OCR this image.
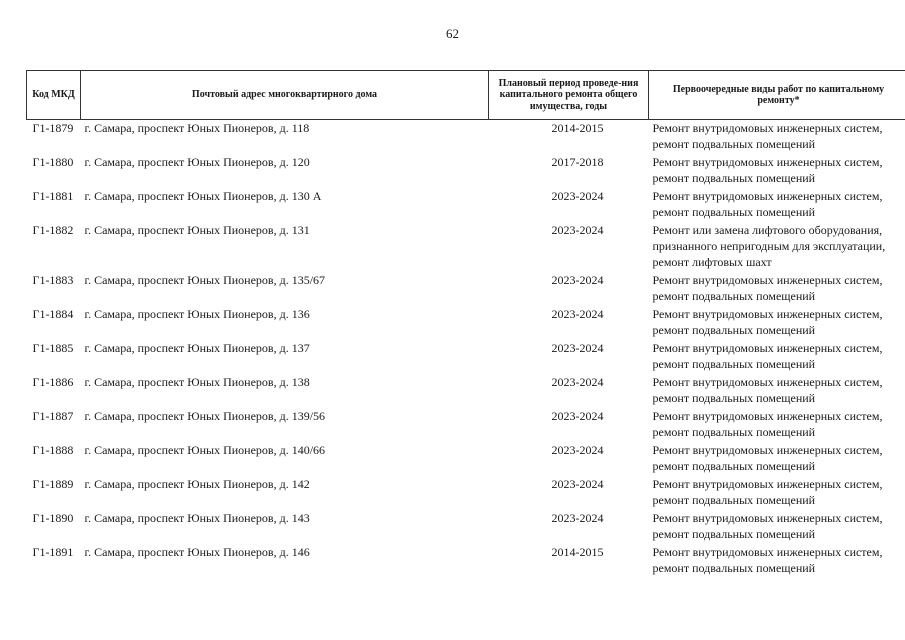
62
Код МКД	Почтовый адрес многоквартирного дома	Плановый период проведе-ния капитального ремонта общего имущества, годы	Первоочередные виды работ по капитальному ремонту*
Г1-1879	г. Самара, проспект Юных Пионеров, д. 118	2014-2015	Ремонт внутридомовых инженерных систем,
ремонт подвальных помещений

Г1-1880	г. Самара, проспект Юных Пионеров, д. 120	2017-2018	Ремонт внутридомовых инженерных систем,
ремонт подвальных помещений

Г1-1881	г. Самара, проспект Юных Пионеров, д. 130 А	2023-2024	Ремонт внутридомовых инженерных систем,
ремонт подвальных помещений

Г1-1882	г. Самара, проспект Юных Пионеров, д. 131	2023-2024	Ремонт или замена лифтового оборудования,
признанного непригодным для эксплуатации,
ремонт лифтовых шахт

Г1-1883	г. Самара, проспект Юных Пионеров, д. 135/67	2023-2024	Ремонт внутридомовых инженерных систем,
ремонт подвальных помещений

Г1-1884	г. Самара, проспект Юных Пионеров, д. 136	2023-2024	Ремонт внутридомовых инженерных систем,
ремонт подвальных помещений

Г1-1885	г. Самара, проспект Юных Пионеров, д. 137	2023-2024	Ремонт внутридомовых инженерных систем,
ремонт подвальных помещений

Г1-1886	г. Самара, проспект Юных Пионеров, д. 138	2023-2024	Ремонт внутридомовых инженерных систем,
ремонт подвальных помещений

Г1-1887	г. Самара, проспект Юных Пионеров, д. 139/56	2023-2024	Ремонт внутридомовых инженерных систем,
ремонт подвальных помещений

Г1-1888	г. Самара, проспект Юных Пионеров, д. 140/66	2023-2024	Ремонт внутридомовых инженерных систем,
ремонт подвальных помещений

Г1-1889	г. Самара, проспект Юных Пионеров, д. 142	2023-2024	Ремонт внутридомовых инженерных систем,
ремонт подвальных помещений

Г1-1890	г. Самара, проспект Юных Пионеров, д. 143	2023-2024	Ремонт внутридомовых инженерных систем,
ремонт подвальных помещений

Г1-1891	г. Самара, проспект Юных Пионеров, д. 146	2014-2015	Ремонт внутридомовых инженерных систем,
ремонт подвальных помещений
